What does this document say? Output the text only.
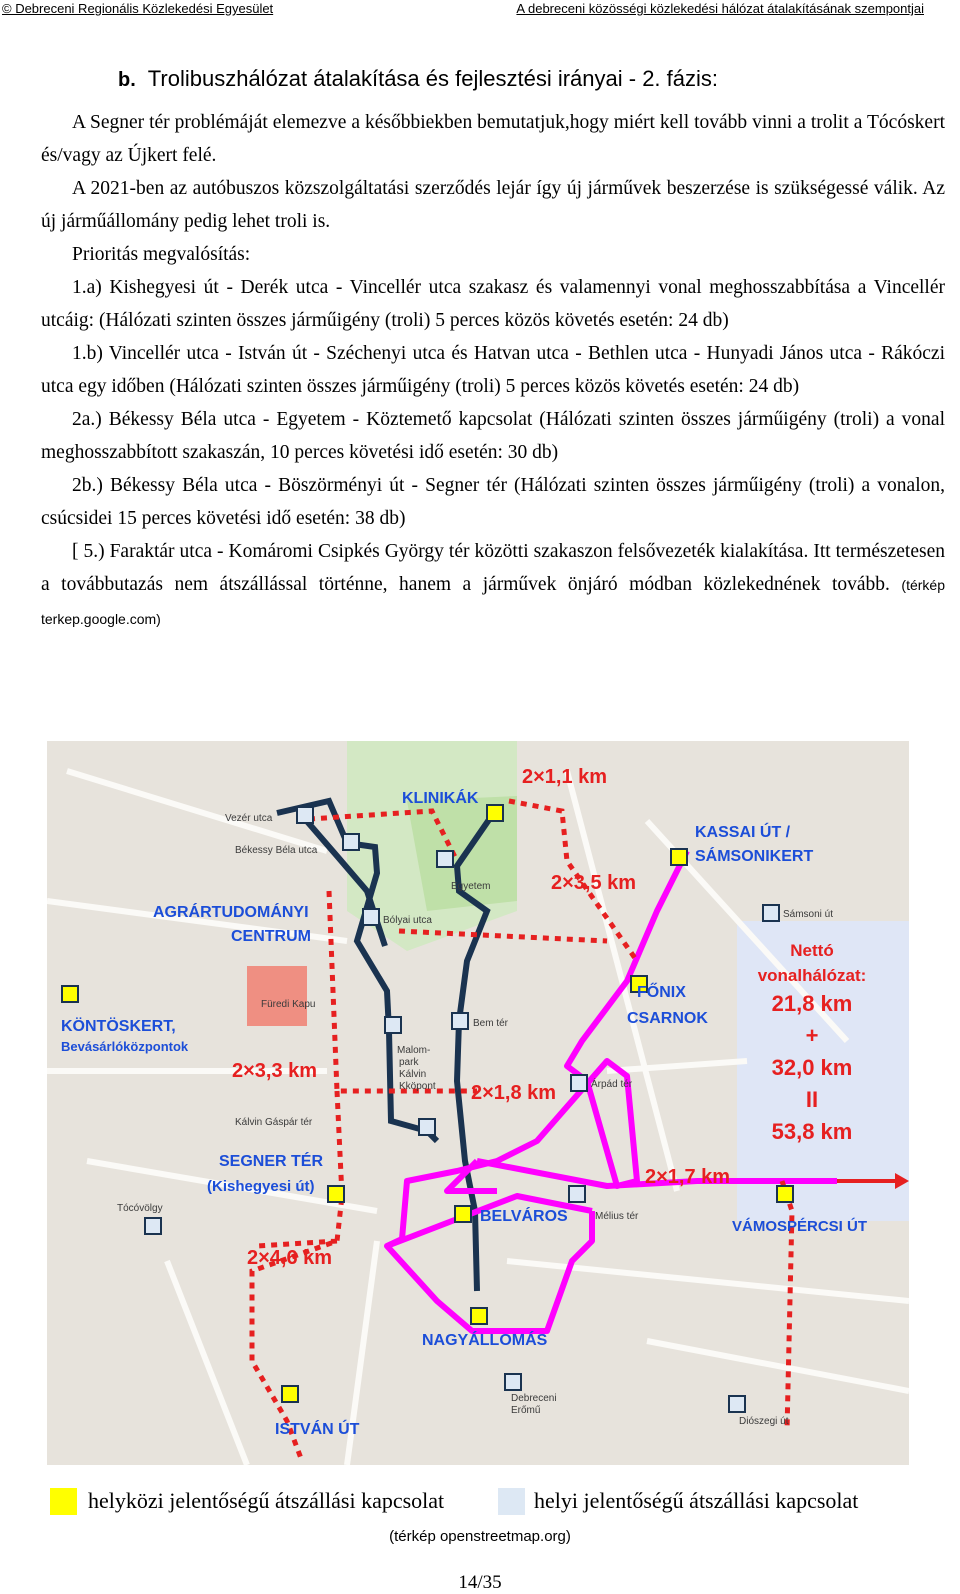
© Debreceni Regionális Közlekedési Egyesület	A debreceni közösségi közlekedési hálózat átalakításának szempontjai
b. Trolibuszhálózat átalakítása és fejlesztési irányai - 2. fázis:

A Segner tér problémáját elemezve a későbbiekben bemutatjuk,hogy miért kell tovább vinni a trolit a Tócóskert és/vagy az Újkert felé.

A 2021-ben az autóbuszos közszolgáltatási szerződés lejár így új járművek beszerzése is szükségessé válik. Az új járműállomány pedig lehet troli is.

Prioritás megvalósítás:

1.a) Kishegyesi út - Derék utca - Vincellér utca szakasz és valamennyi vonal meghosszabbítása a Vincellér utcáig: (Hálózati szinten összes járműigény (troli) 5 perces közös követés esetén: 24 db)

1.b) Vincellér utca - István út - Széchenyi utca és Hatvan utca - Bethlen utca - Hunyadi János utca - Rákóczi utca egy időben (Hálózati szinten összes járműigény (troli) 5 perces közös követés esetén: 24 db)

2a.) Békessy Béla utca - Egyetem - Köztemető kapcsolat (Hálózati szinten összes járműigény (troli) a vonal meghosszabbított szakaszán, 10 perces követési idő esetén: 30 db)

2b.) Békessy Béla utca - Böszörményi út - Segner tér (Hálózati szinten összes járműigény (troli) a vonalon, csúcsidei 15 perces követési idő esetén: 38 db)

[ 5.) Faraktár utca - Komáromi Csipkés György tér közötti szakaszon felsővezeték kialakítása. Itt természetesen a továbbutazás nem átszállással történne, hanem a járművek önjáró módban közlekednének tovább. (térkép terkep.google.com)

KLINIKÁK
KASSAI ÚT /
SÁMSONIKERT
AGRÁRTUDOMÁNYI
CENTRUM
KÖNTÖSKERT,
Bevásárlóközpontok
FŐNIX
CSARNOK
SEGNER TÉR
(Kishegyesi út)
BELVÁROS
VÁMOSPÉRCSI ÚT
NAGYÁLLOMÁS
ISTVÁN ÚT
Vezér utca
Békessy Béla utca
Egyetem
Bólyai utca
Bem tér
Malom-
park
Kálvin
Kköpont	Árpád tér
Kálvin Gáspár tér
Tócóvölgy
Mélius tér
Sámsoni út
Debreceni
Erőmű
Diószegi út
Füredi Kapu
2×1,1 km
2×3,5 km
2×3,3 km
2×1,8 km
2×1,7 km
2×4,6 km
Nettó
vonalhálózat:
21,8 km
+
32,0 km
II
53,8 km
helyközi jelentőségű átszállási kapcsolat	helyi jelentőségű átszállási kapcsolat
(térkép openstreetmap.org)
14/35
